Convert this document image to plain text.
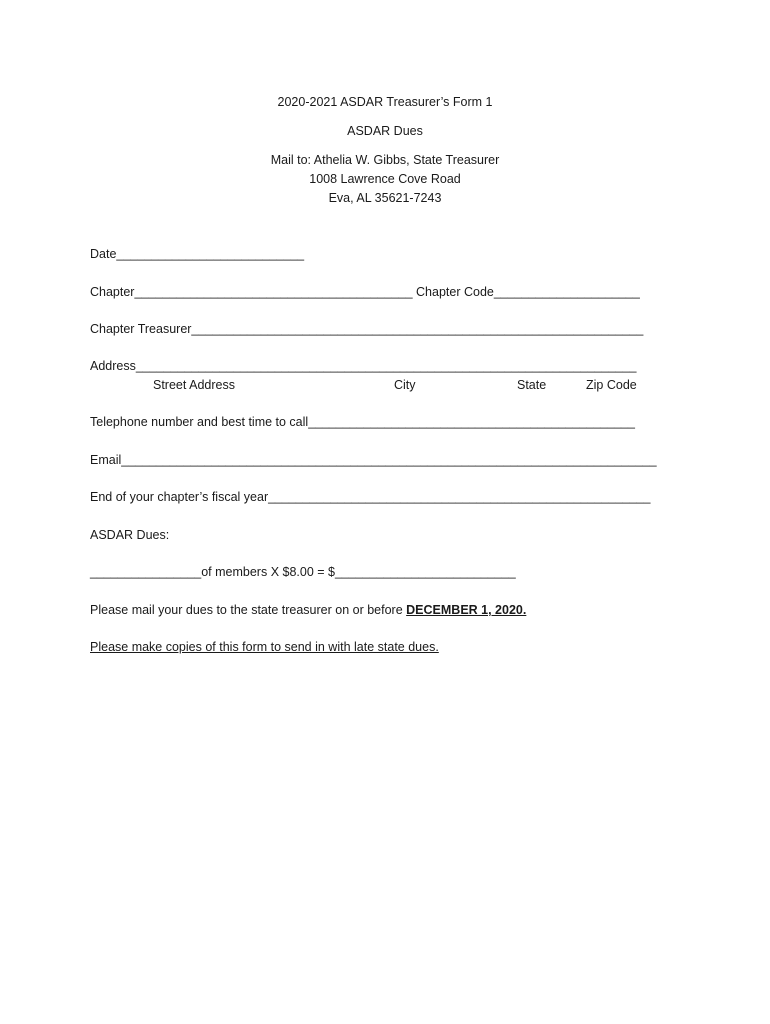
2020-2021 ASDAR Treasurer’s Form 1
ASDAR Dues
Mail to: Athelia W. Gibbs, State Treasurer
1008 Lawrence Cove Road
Eva, AL 35621-7243
Date___________________________
Chapter________________________________________ Chapter Code_____________________
Chapter Treasurer_________________________________________________________________
Address________________________________________________________________________
Street Address	City	State	Zip Code
Telephone number and best time to call_______________________________________________
Email_____________________________________________________________________________
End of your chapter’s fiscal year_______________________________________________________
ASDAR Dues:
________________of members X $8.00 = $__________________________
Please mail your dues to the state treasurer on or before DECEMBER 1, 2020.
Please make copies of this form to send in with late state dues.
